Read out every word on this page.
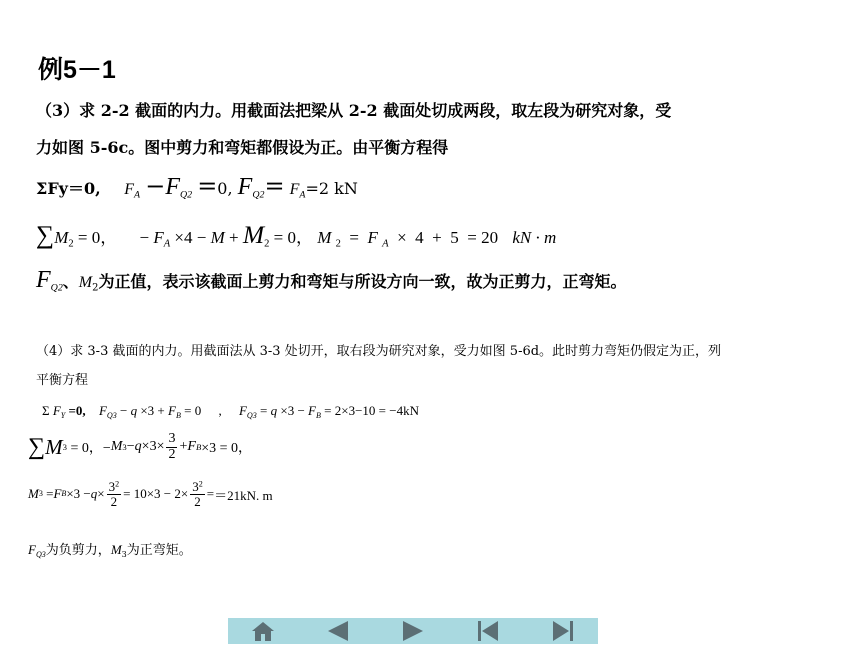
例5－1
（3）求 2-2 截面的内力。用截面法把梁从 2-2 截面处切成两段，取左段为研究对象，受
力如图 5-6c。图中剪力和弯矩都假设为正。由平衡方程得
ΣFy＝0, $F_A -F_{Q2} =0$, $F_{Q2}= F_A=2$ kN
$\sum M_2 = 0$， − $F_A \times 4 - M + M_2 = 0$， M $_2$  =  F $_A$  ×  4  +  5  = 20 kN · m
$F_{Q2}$、$M_2$为正值，表示该截面上剪力和弯矩与所设方向一致，故为正剪力，正弯矩。
（4）求 3-3 截面的内力。用截面法从 3-3 处切开，取右段为研究对象，受力如图 5-6d。此时剪力弯矩仍假定为正，列
平衡方程
Σ $F_Y =0$, $F_{Q3} - q \times 3 + F_B = 0$ , $F_{Q3} = q \times 3 - F_B = 2\times 3-10 = -4kN$
∑ M 3 = 0，− M $3 - q \times 3\times \frac{3}{2} + F$ B ×3 = 0，
M 3 = F $B \times 3 - q \times \frac{3^2}{2} = 10\times 3 - 2\times \frac{3^2}{2} = =21kN$. m
$F_{Q3}$为负剪力，$M_3$为正弯矩。
